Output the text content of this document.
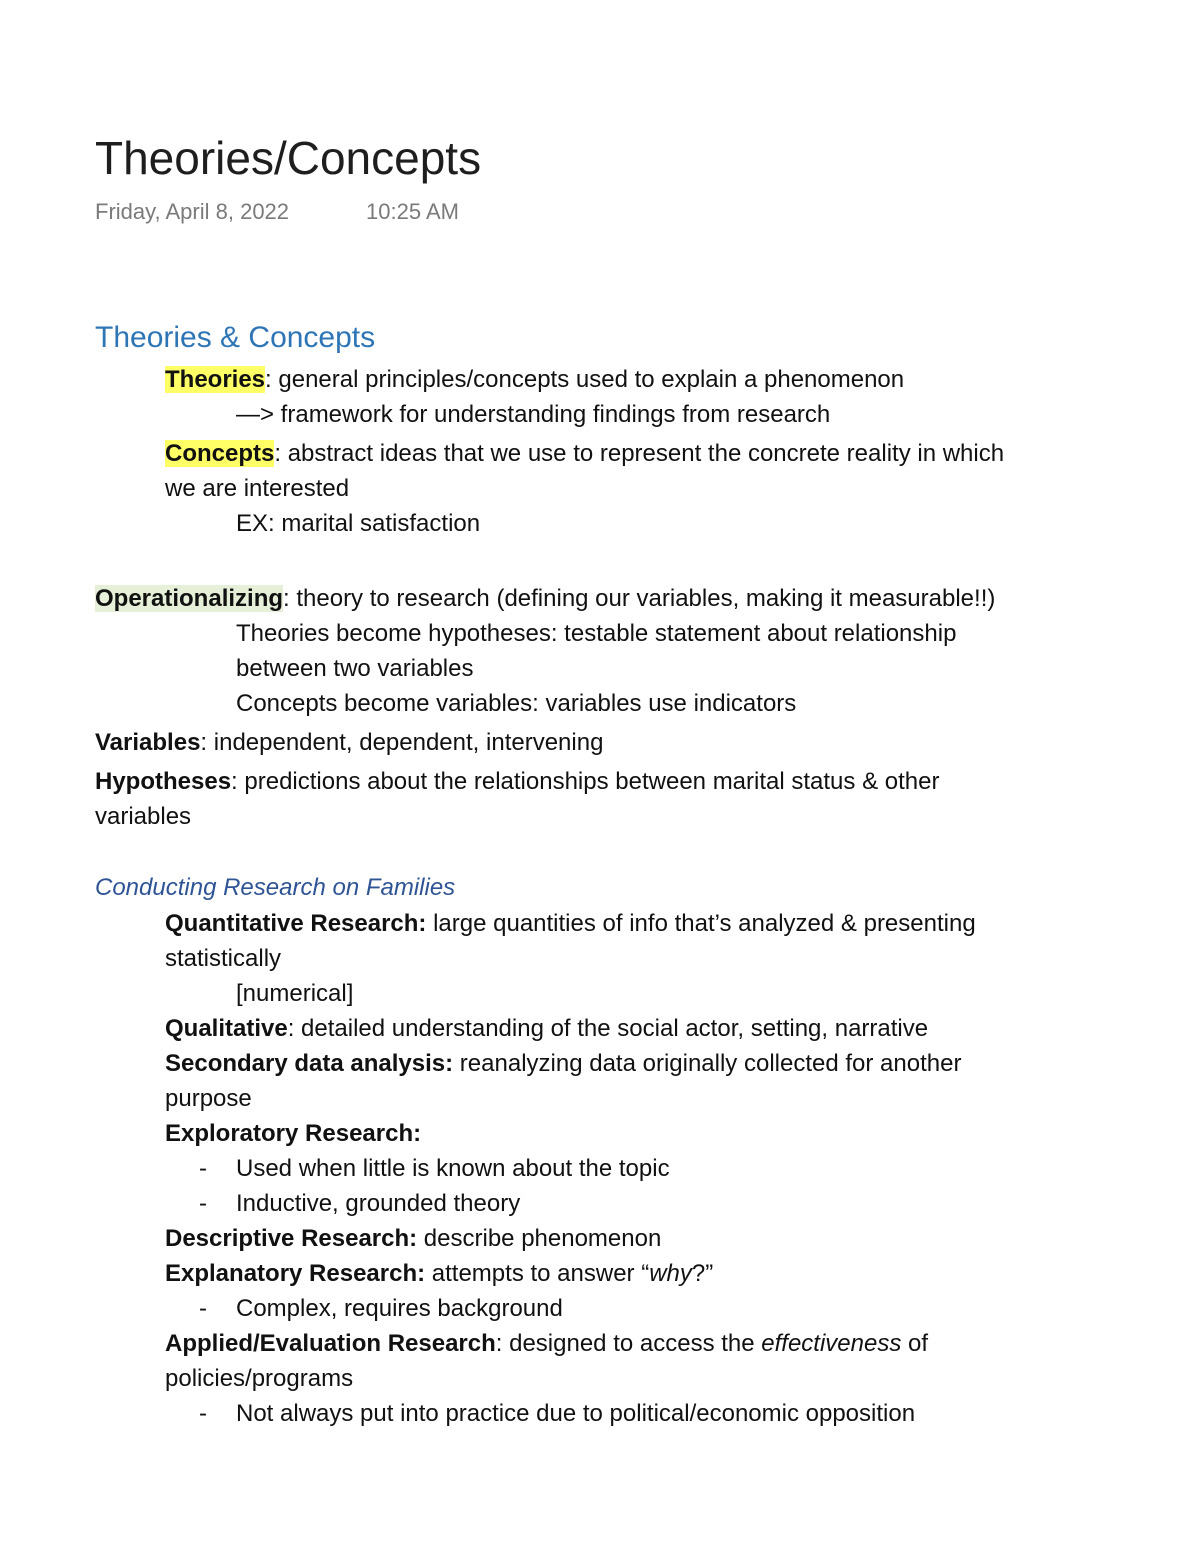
Theories/Concepts
Friday, April 8, 2022	10:25 AM

Theories & Concepts

Theories: general principles/concepts used to explain a phenomenon

—> framework for understanding findings from research

Concepts: abstract ideas that we use to represent the concrete reality in which

we are interested

EX: marital satisfaction

Operationalizing: theory to research (defining our variables, making it measurable!!)

Theories become hypotheses: testable statement about relationship

between two variables

Concepts become variables: variables use indicators

Variables: independent, dependent, intervening

Hypotheses: predictions about the relationships between marital status & other

variables

Conducting Research on Families

Quantitative Research: large quantities of info that’s analyzed & presenting

statistically

[numerical]

Qualitative: detailed understanding of the social actor, setting, narrative

Secondary data analysis: reanalyzing data originally collected for another

purpose

Exploratory Research:

- Used when little is known about the topic
- Inductive, grounded theory

Descriptive Research: describe phenomenon

Explanatory Research: attempts to answer “why?”

- Complex, requires background

Applied/Evaluation Research: designed to access the effectiveness of

policies/programs

- Not always put into practice due to political/economic opposition
